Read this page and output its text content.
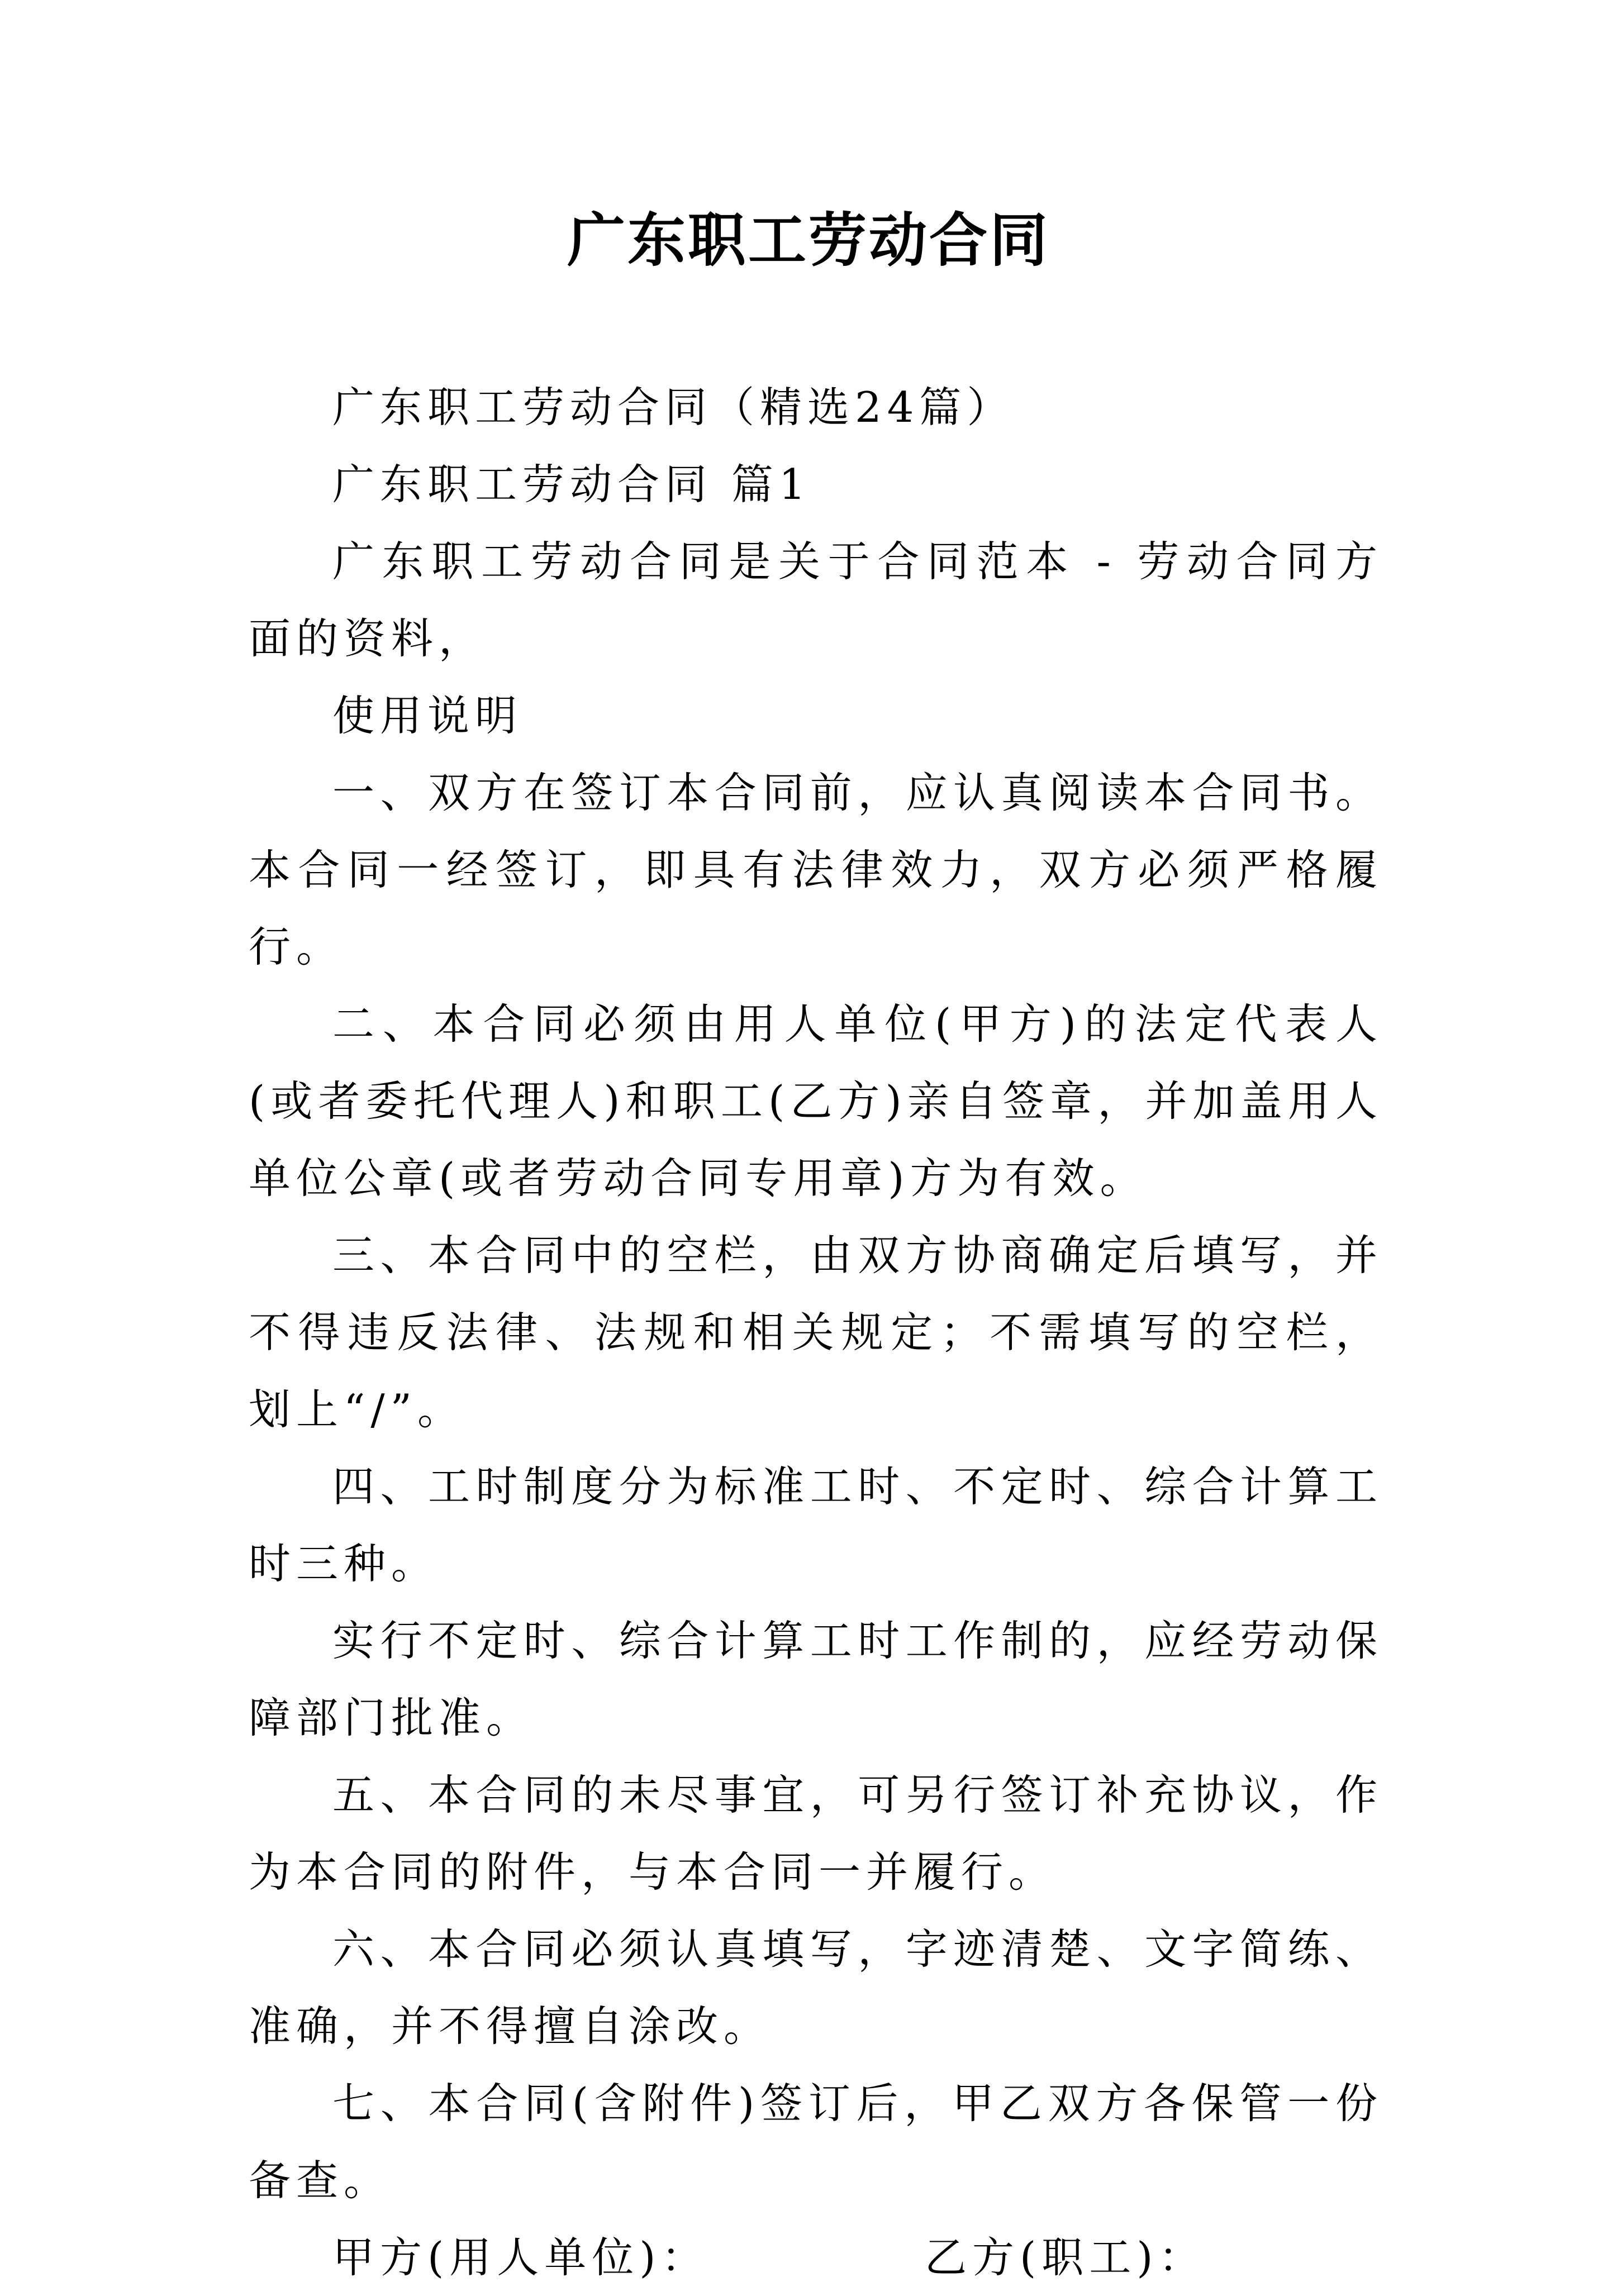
广东职工劳动合同

广东职工劳动合同（精选24篇）

广东职工劳动合同 篇1

广东职工劳动合同是关于合同范本 - 劳动合同方面的资料，

使用说明

一、双方在签订本合同前，应认真阅读本合同书。本合同一经签订，即具有法律效力，双方必须严格履行。

二、本合同必须由用人单位(甲方)的法定代表人(或者委托代理人)和职工(乙方)亲自签章，并加盖用人单位公章(或者劳动合同专用章)方为有效。

三、本合同中的空栏，由双方协商确定后填写，并不得违反法律、法规和相关规定；不需填写的空栏，划上“/”。

四、工时制度分为标准工时、不定时、综合计算工时三种。

实行不定时、综合计算工时工作制的，应经劳动保障部门批准。

五、本合同的未尽事宜，可另行签订补充协议，作为本合同的附件，与本合同一并履行。

六、本合同必须认真填写，字迹清楚、文字简练、准确，并不得擅自涂改。

七、本合同(含附件)签订后，甲乙双方各保管一份备查。

甲方(用人单位)：	乙方(职工)：
